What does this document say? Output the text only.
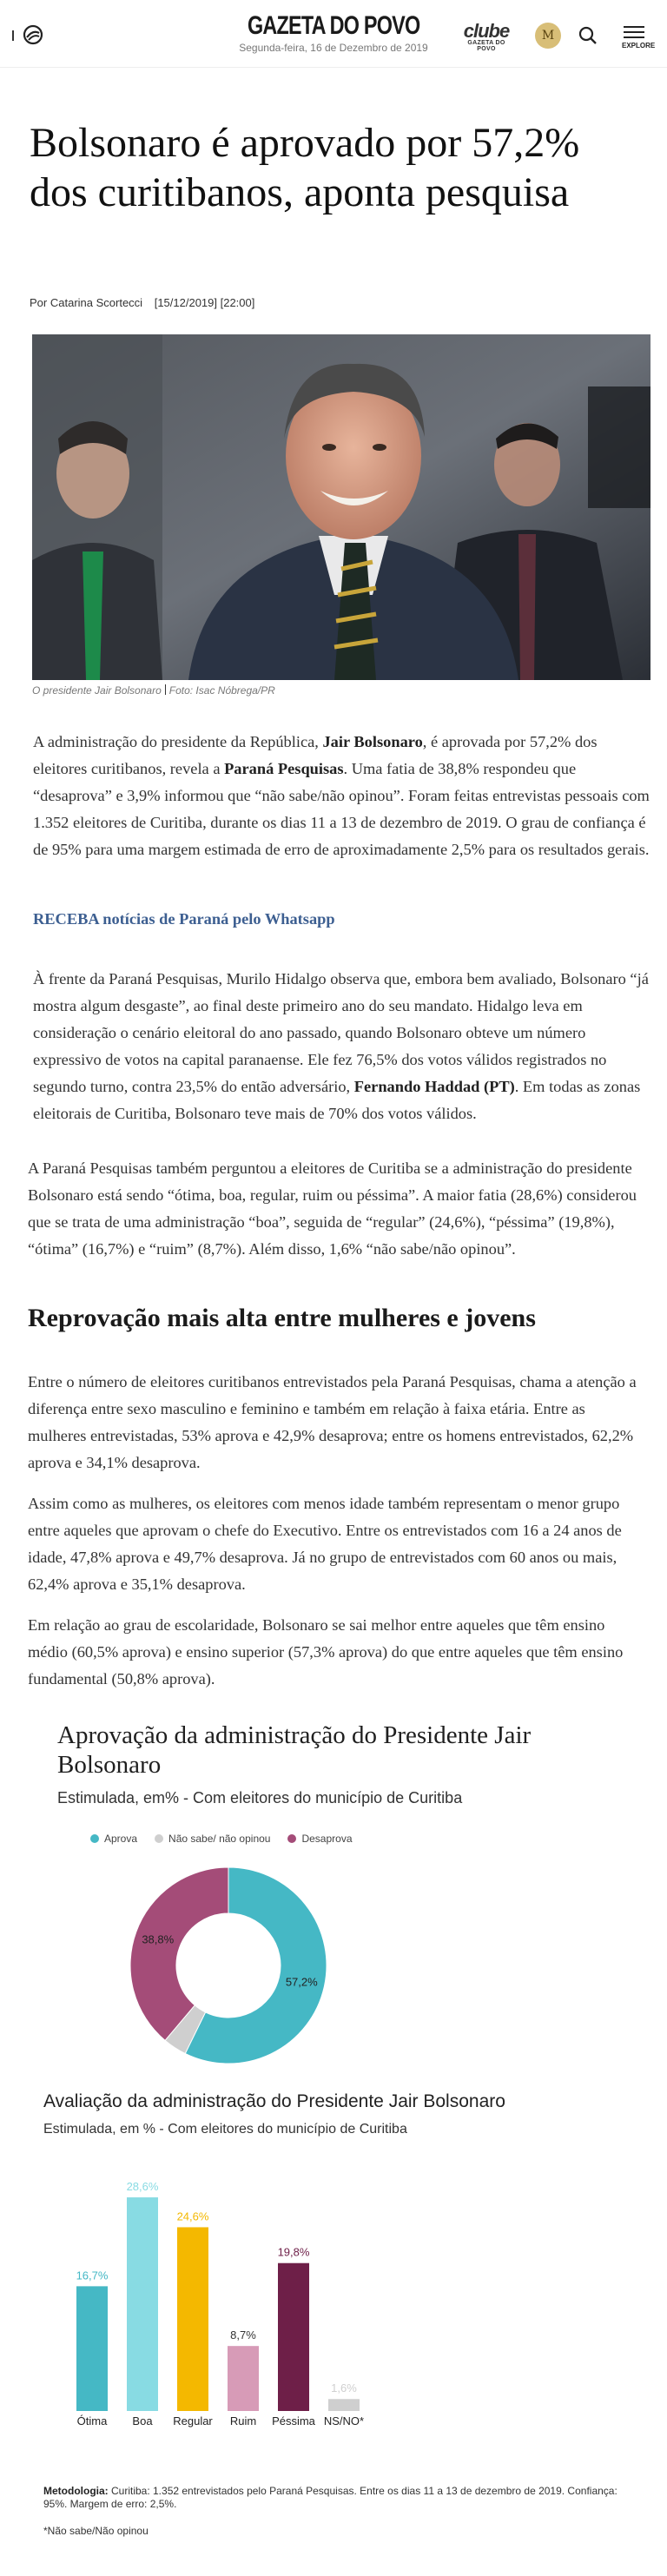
GAZETA DO POVO
Segunda-feira, 16 de Dezembro de 2019
clube
GAZETA DO POVO
M
EXPLORE
Bolsonaro é aprovado por 57,2% dos curitibanos, aponta pesquisa
Por Catarina Scortecci [15/12/2019] [22:00]
O presidente Jair Bolsonaro Foto: Isac Nóbrega/PR

A administração do presidente da República, Jair Bolsonaro, é aprovada por 57,2% dos eleitores curitibanos, revela a Paraná Pesquisas. Uma fatia de 38,8% respondeu que “desaprova” e 3,9% informou que “não sabe/não opinou”. Foram feitas entrevistas pessoais com 1.352 eleitores de Curitiba, durante os dias 11 a 13 de dezembro de 2019. O grau de confiança é de 95% para uma margem estimada de erro de aproximadamente 2,5% para os resultados gerais.

RECEBA notícias de Paraná pelo Whatsapp

À frente da Paraná Pesquisas, Murilo Hidalgo observa que, embora bem avaliado, Bolsonaro “já mostra algum desgaste”, ao final deste primeiro ano do seu mandato. Hidalgo leva em consideração o cenário eleitoral do ano passado, quando Bolsonaro obteve um número expressivo de votos na capital paranaense. Ele fez 76,5% dos votos válidos registrados no segundo turno, contra 23,5% do então adversário, Fernando Haddad (PT). Em todas as zonas eleitorais de Curitiba, Bolsonaro teve mais de 70% dos votos válidos.

A Paraná Pesquisas também perguntou a eleitores de Curitiba se a administração do presidente Bolsonaro está sendo “ótima, boa, regular, ruim ou péssima”. A maior fatia (28,6%) considerou que se trata de uma administração “boa”, seguida de “regular” (24,6%), “péssima” (19,8%), “ótima” (16,7%) e “ruim” (8,7%). Além disso, 1,6% “não sabe/não opinou”.

Reprovação mais alta entre mulheres e jovens

Entre o número de eleitores curitibanos entrevistados pela Paraná Pesquisas, chama a atenção a diferença entre sexo masculino e feminino e também em relação à faixa etária. Entre as mulheres entrevistadas, 53% aprova e 42,9% desaprova; entre os homens entrevistados, 62,2% aprova e 34,1% desaprova.

Assim como as mulheres, os eleitores com menos idade também representam o menor grupo entre aqueles que aprovam o chefe do Executivo. Entre os entrevistados com 16 a 24 anos de idade, 47,8% aprova e 49,7% desaprova. Já no grupo de entrevistados com 60 anos ou mais, 62,4% aprova e 35,1% desaprova.

Em relação ao grau de escolaridade, Bolsonaro se sai melhor entre aqueles que têm ensino médio (60,5% aprova) e ensino superior (57,3% aprova) do que entre aqueles que têm ensino fundamental (50,8% aprova).

Aprovação da administração do Presidente Jair Bolsonaro
Estimulada, em% - Com eleitores do município de Curitiba
Aprova	Não sabe/ não opinou	Desaprova
57,2%
38,8%
Avaliação da administração do Presidente Jair Bolsonaro
Estimulada, em % - Com eleitores do município de Curitiba
16,7%
Ótima
28,6%
Boa
24,6%
Regular
8,7%
Ruim
19,8%
Péssima
1,6%
NS/NO*
Metodologia: Curitiba: 1.352 entrevistados pelo Paraná Pesquisas. Entre os dias 11 a 13 de dezembro de 2019. Confiança: 95%. Margem de erro: 2,5%.
*Não sabe/Não opinou
